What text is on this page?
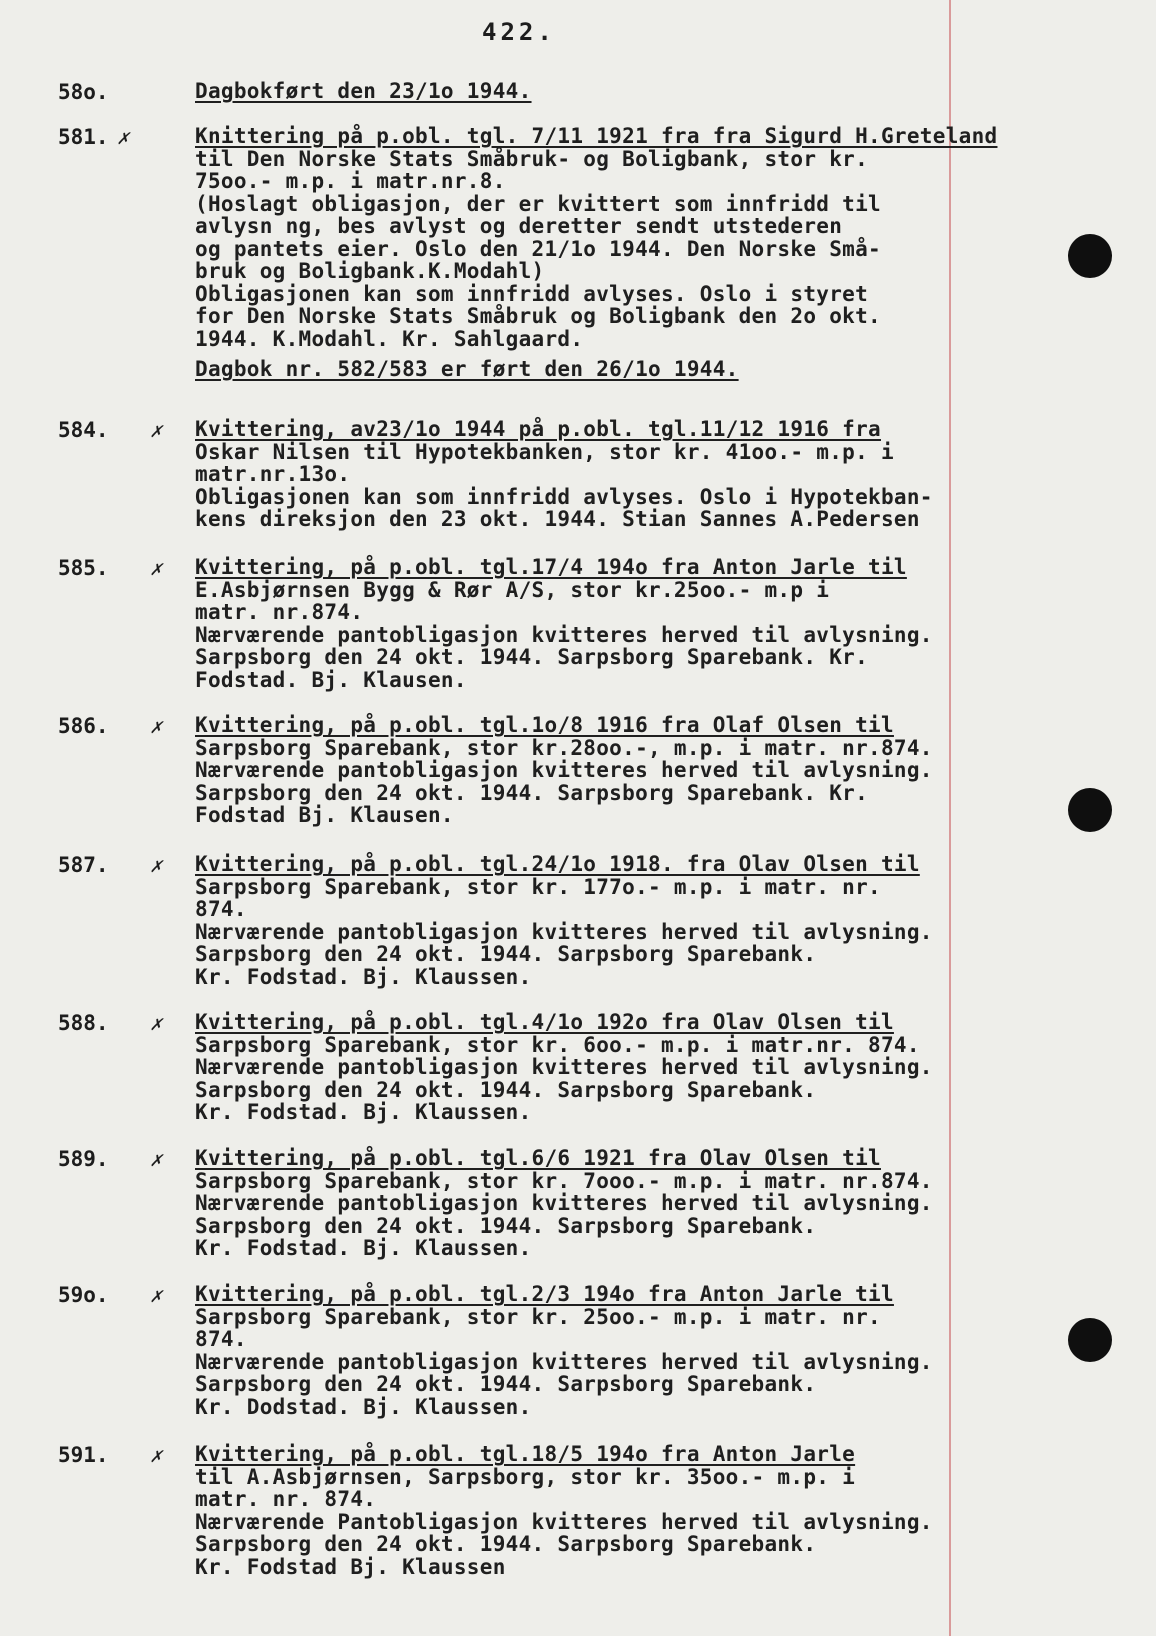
422.
58o.	Dagbokført den 23/1o 1944.
581. ✗	Knittering på p.obl. tgl. 7/11 1921 fra fra Sigurd H.Greteland
til Den Norske Stats Småbruk- og Boligbank, stor kr.
75oo.- m.p. i matr.nr.8.
(Hoslagt obligasjon, der er kvittert som innfridd til
avlysn ng, bes avlyst og deretter sendt utstederen
og pantets eier. Oslo den 21/1o 1944. Den Norske Små-
bruk og Boligbank.K.Modahl)
Obligasjonen kan som innfridd avlyses. Oslo i styret
for Den Norske Stats Småbruk og Boligbank den 2o okt.
1944. K.Modahl. Kr. Sahlgaard.
Dagbok nr. 582/583 er ført den 26/1o 1944.
584. ✗ Kvittering, av23/1o 1944 på p.obl. tgl.11/12 1916 fra
Oskar Nilsen til Hypotekbanken, stor kr. 41oo.- m.p. i
matr.nr.13o.
Obligasjonen kan som innfridd avlyses. Oslo i Hypotekban-
kens direksjon den 23 okt. 1944. Stian Sannes A.Pedersen
585. ✗ Kvittering, på p.obl. tgl.17/4 194o fra Anton Jarle til
E.Asbjørnsen Bygg & Rør A/S, stor kr.25oo.- m.p i
matr. nr.874.
Nærværende pantobligasjon kvitteres herved til avlysning.
Sarpsborg den 24 okt. 1944. Sarpsborg Sparebank. Kr.
Fodstad. Bj. Klausen.
586. ✗ Kvittering, på p.obl. tgl.1o/8 1916 fra Olaf Olsen til
Sarpsborg Sparebank, stor kr.28oo.-, m.p. i matr. nr.874.
Nærværende pantobligasjon kvitteres herved til avlysning.
Sarpsborg den 24 okt. 1944. Sarpsborg Sparebank. Kr.
Fodstad Bj. Klausen.
587. ✗ Kvittering, på p.obl. tgl.24/1o 1918. fra Olav Olsen til
Sarpsborg Sparebank, stor kr. 177o.- m.p. i matr. nr.
874.
Nærværende pantobligasjon kvitteres herved til avlysning.
Sarpsborg den 24 okt. 1944. Sarpsborg Sparebank.
Kr. Fodstad. Bj. Klaussen.
588. ✗ Kvittering, på p.obl. tgl.4/1o 192o fra Olav Olsen til
Sarpsborg Sparebank, stor kr. 6oo.- m.p. i matr.nr. 874.
Nærværende pantobligasjon kvitteres herved til avlysning.
Sarpsborg den 24 okt. 1944. Sarpsborg Sparebank.
Kr. Fodstad. Bj. Klaussen.
589. ✗ Kvittering, på p.obl. tgl.6/6 1921 fra Olav Olsen til
Sarpsborg Sparebank, stor kr. 7ooo.- m.p. i matr. nr.874.
Nærværende pantobligasjon kvitteres herved til avlysning.
Sarpsborg den 24 okt. 1944. Sarpsborg Sparebank.
Kr. Fodstad. Bj. Klaussen.
59o. ✗ Kvittering, på p.obl. tgl.2/3 194o fra Anton Jarle til
Sarpsborg Sparebank, stor kr. 25oo.- m.p. i matr. nr.
874.
Nærværende pantobligasjon kvitteres herved til avlysning.
Sarpsborg den 24 okt. 1944. Sarpsborg Sparebank.
Kr. Dodstad. Bj. Klaussen.
591. ✗ Kvittering, på p.obl. tgl.18/5 194o fra Anton Jarle
til A.Asbjørnsen, Sarpsborg, stor kr. 35oo.- m.p. i
matr. nr. 874.
Nærværende Pantobligasjon kvitteres herved til avlysning.
Sarpsborg den 24 okt. 1944. Sarpsborg Sparebank.
Kr. Fodstad Bj. Klaussen
